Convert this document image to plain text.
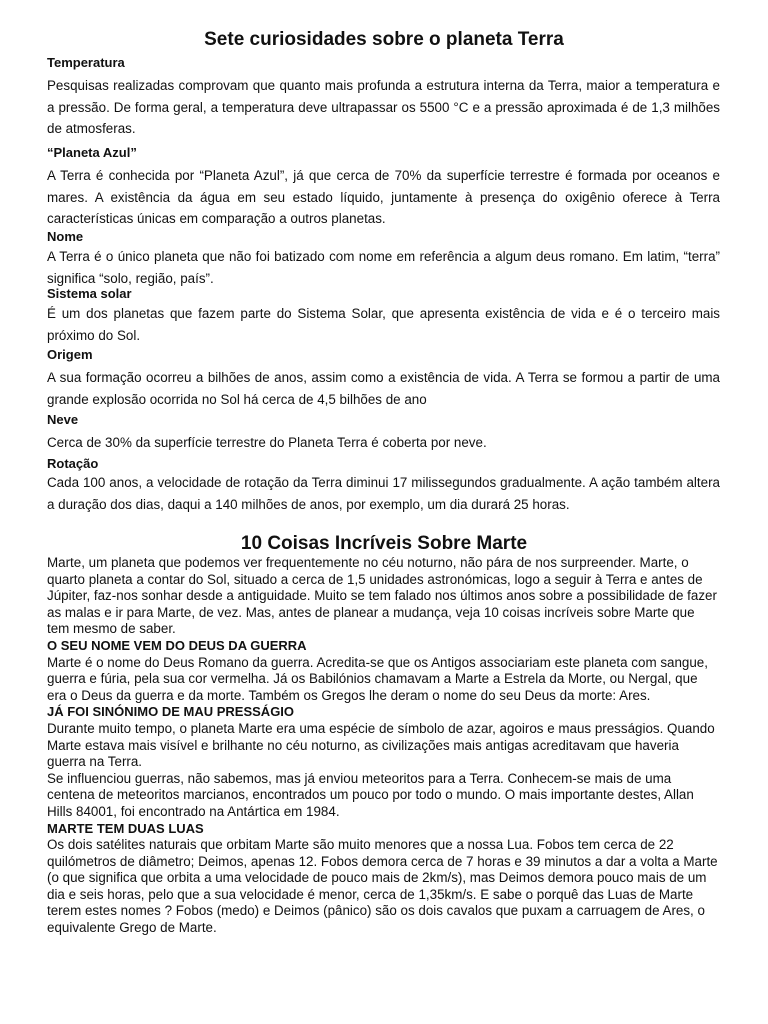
Sete curiosidades sobre o planeta Terra

Temperatura

Pesquisas realizadas comprovam que quanto mais profunda a estrutura interna da Terra, maior a temperatura e a pressão. De forma geral, a temperatura deve ultrapassar os 5500 °C e a pressão aproximada é de 1,3 milhões de atmosferas.

“Planeta Azul”

A Terra é conhecida por “Planeta Azul”, já que cerca de 70% da superfície terrestre é formada por oceanos e mares. A existência da água em seu estado líquido, juntamente à presença do oxigênio oferece à Terra características únicas em comparação a outros planetas.

Nome

A Terra é o único planeta que não foi batizado com nome em referência a algum deus romano. Em latim, “terra” significa “solo, região, país”.

Sistema solar

É um dos planetas que fazem parte do Sistema Solar, que apresenta existência de vida e é o terceiro mais próximo do Sol.

Origem

A sua formação ocorreu a bilhões de anos, assim como a existência de vida. A Terra se formou a partir de uma grande explosão ocorrida no Sol há cerca de 4,5 bilhões de ano

Neve

Cerca de 30% da superfície terrestre do Planeta Terra é coberta por neve.

Rotação

Cada 100 anos, a velocidade de rotação da Terra diminui 17 milissegundos gradualmente. A ação também altera a duração dos dias, daqui a 140 milhões de anos, por exemplo, um dia durará 25 horas.

10 Coisas Incríveis Sobre Marte

Marte, um planeta que podemos ver frequentemente no céu noturno, não pára de nos surpreender. Marte, o quarto planeta a contar do Sol, situado a cerca de 1,5 unidades astronómicas, logo a seguir à Terra e antes de Júpiter, faz-nos sonhar desde a antiguidade. Muito se tem falado nos últimos anos sobre a possibilidade de fazer as malas e ir para Marte, de vez. Mas, antes de planear a mudança, veja 10 coisas incríveis sobre Marte que tem mesmo de saber.

O SEU NOME VEM DO DEUS DA GUERRA

Marte é o nome do Deus Romano da guerra. Acredita-se que os Antigos associariam este planeta com sangue, guerra e fúria, pela sua cor vermelha. Já os Babilónios chamavam a Marte a Estrela da Morte, ou Nergal, que era o Deus da guerra e da morte. Também os Gregos lhe deram o nome do seu Deus da morte: Ares.

JÁ FOI SINÓNIMO DE MAU PRESSÁGIO

Durante muito tempo, o planeta Marte era uma espécie de símbolo de azar, agoiros e maus presságios. Quando Marte estava mais visível e brilhante no céu noturno, as civilizações mais antigas acreditavam que haveria guerra na Terra.

Se influenciou guerras, não sabemos, mas já enviou meteoritos para a Terra. Conhecem-se mais de uma centena de meteoritos marcianos, encontrados um pouco por todo o mundo. O mais importante destes, Allan Hills 84001, foi encontrado na Antártica em 1984.

MARTE TEM DUAS LUAS

Os dois satélites naturais que orbitam Marte são muito menores que a nossa Lua. Fobos tem cerca de 22 quilómetros de diâmetro; Deimos, apenas 12. Fobos demora cerca de 7 horas e 39 minutos a dar a volta a Marte (o que significa que orbita a uma velocidade de pouco mais de 2km/s), mas Deimos demora pouco mais de um dia e seis horas, pelo que a sua velocidade é menor, cerca de 1,35km/s. E sabe o porquê das Luas de Marte terem estes nomes ? Fobos (medo) e Deimos (pânico) são os dois cavalos que puxam a carruagem de Ares, o equivalente Grego de Marte.
